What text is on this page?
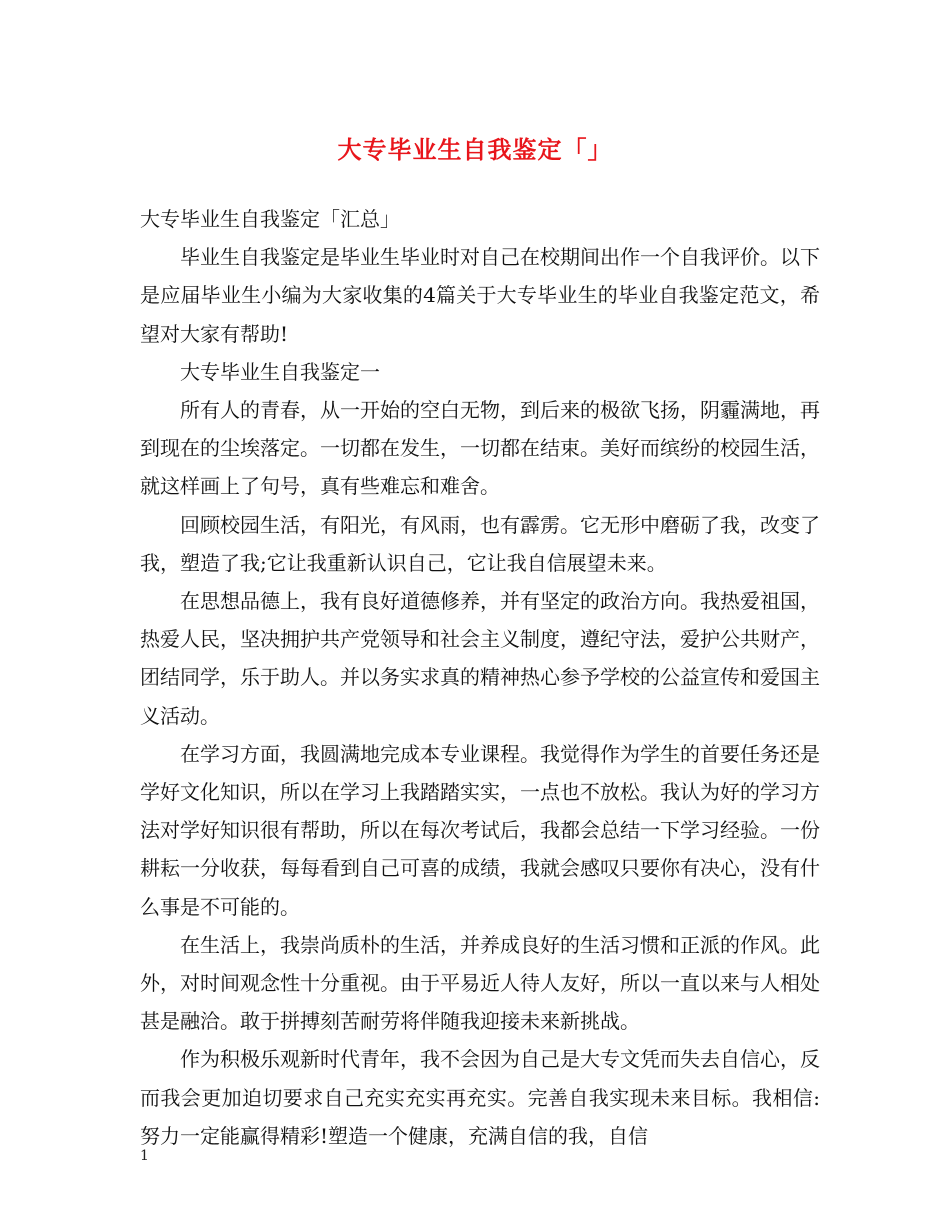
大专毕业生自我鉴定「」

大专毕业生自我鉴定「汇总」

毕业生自我鉴定是毕业生毕业时对自己在校期间出作一个自我评价。以下是应届毕业生小编为大家收集的4篇关于大专毕业生的毕业自我鉴定范文，希望对大家有帮助!

大专毕业生自我鉴定一

所有人的青春，从一开始的空白无物，到后来的极欲飞扬，阴霾满地，再到现在的尘埃落定。一切都在发生，一切都在结束。美好而缤纷的校园生活，就这样画上了句号，真有些难忘和难舍。

回顾校园生活，有阳光，有风雨，也有霹雳。它无形中磨砺了我，改变了我，塑造了我;它让我重新认识自己，它让我自信展望未来。

在思想品德上，我有良好道德修养，并有坚定的政治方向。我热爱祖国，热爱人民，坚决拥护共产党领导和社会主义制度，遵纪守法，爱护公共财产，团结同学，乐于助人。并以务实求真的精神热心参予学校的公益宣传和爱国主义活动。

在学习方面，我圆满地完成本专业课程。我觉得作为学生的首要任务还是学好文化知识，所以在学习上我踏踏实实，一点也不放松。我认为好的学习方法对学好知识很有帮助，所以在每次考试后，我都会总结一下学习经验。一份耕耘一分收获，每每看到自己可喜的成绩，我就会感叹只要你有决心，没有什么事是不可能的。

在生活上，我崇尚质朴的生活，并养成良好的生活习惯和正派的作风。此外，对时间观念性十分重视。由于平易近人待人友好，所以一直以来与人相处甚是融洽。敢于拼搏刻苦耐劳将伴随我迎接未来新挑战。

作为积极乐观新时代青年，我不会因为自己是大专文凭而失去自信心，反而我会更加迫切要求自己充实充实再充实。完善自我实现未来目标。我相信:努力一定能赢得精彩!塑造一个健康，充满自信的我，自信

1
